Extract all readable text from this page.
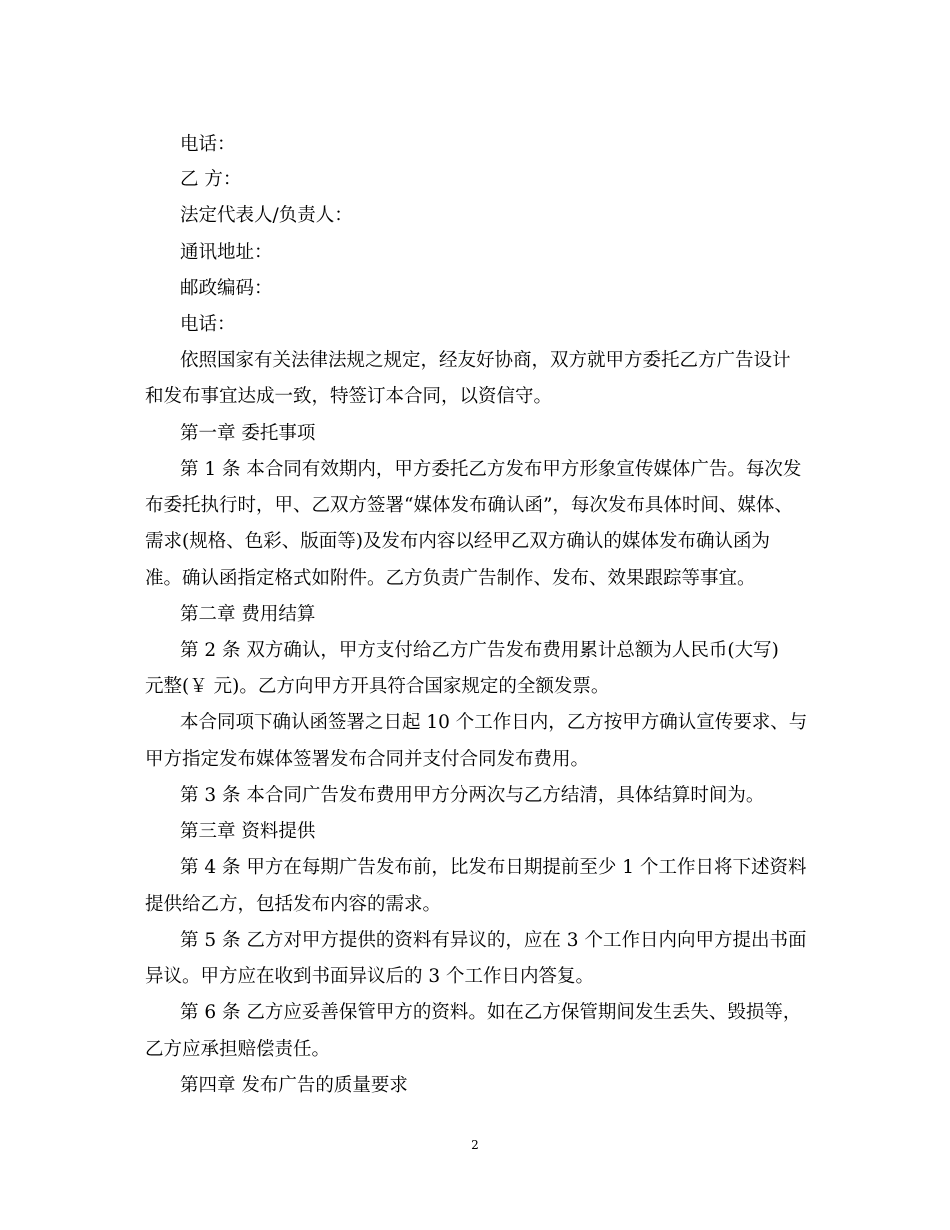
电话：
乙 方：
法定代表人/负责人：
通讯地址：
邮政编码：
电话：
依照国家有关法律法规之规定，经友好协商，双方就甲方委托乙方广告设计
和发布事宜达成一致，特签订本合同，以资信守。
第一章 委托事项
第 1 条 本合同有效期内，甲方委托乙方发布甲方形象宣传媒体广告。每次发
布委托执行时，甲、乙双方签署“媒体发布确认函”，每次发布具体时间、媒体、
需求(规格、色彩、版面等)及发布内容以经甲乙双方确认的媒体发布确认函为
准。确认函指定格式如附件。乙方负责广告制作、发布、效果跟踪等事宜。
第二章 费用结算
第 2 条 双方确认，甲方支付给乙方广告发布费用累计总额为人民币(大写)
元整(￥ 元)。乙方向甲方开具符合国家规定的全额发票。
本合同项下确认函签署之日起 10 个工作日内，乙方按甲方确认宣传要求、与
甲方指定发布媒体签署发布合同并支付合同发布费用。
第 3 条 本合同广告发布费用甲方分两次与乙方结清，具体结算时间为。
第三章 资料提供
第 4 条 甲方在每期广告发布前，比发布日期提前至少 1 个工作日将下述资料
提供给乙方，包括发布内容的需求。
第 5 条 乙方对甲方提供的资料有异议的，应在 3 个工作日内向甲方提出书面
异议。甲方应在收到书面异议后的 3 个工作日内答复。
第 6 条 乙方应妥善保管甲方的资料。如在乙方保管期间发生丢失、毁损等，
乙方应承担赔偿责任。
第四章 发布广告的质量要求
2
